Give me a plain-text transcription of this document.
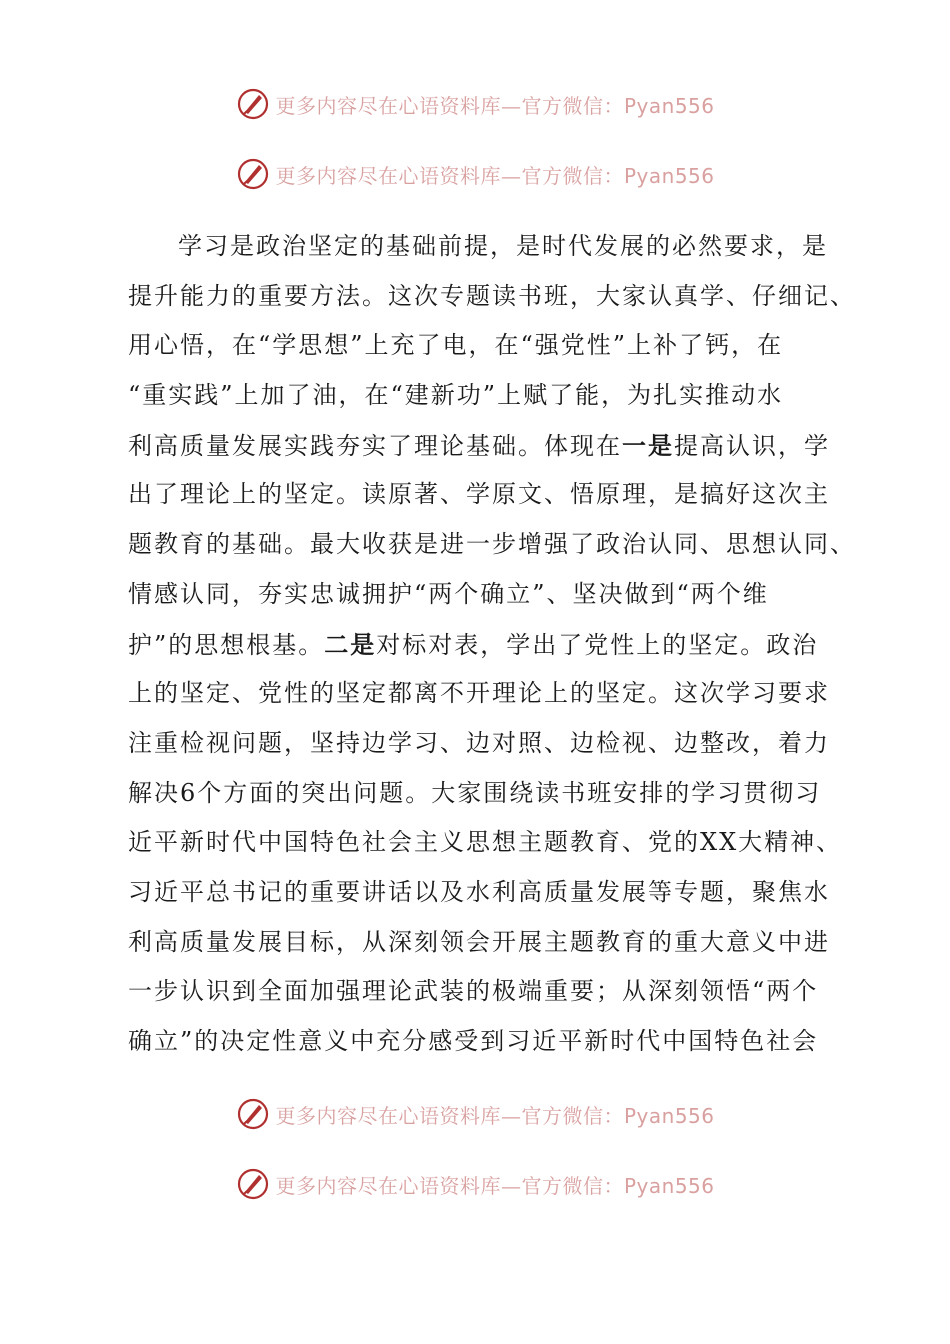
更多内容尽在心语资料库—官方微信：Pyan556
更多内容尽在心语资料库—官方微信：Pyan556
学习是政治坚定的基础前提，是时代发展的必然要求，是
提升能力的重要方法。这次专题读书班，大家认真学、仔细记、
用心悟，在“学思想”上充了电，在“强党性”上补了钙，在
“重实践”上加了油，在“建新功”上赋了能，为扎实推动水
利高质量发展实践夯实了理论基础。体现在一是提高认识，学
出了理论上的坚定。读原著、学原文、悟原理，是搞好这次主
题教育的基础。最大收获是进一步增强了政治认同、思想认同、
情感认同，夯实忠诚拥护“两个确立”、坚决做到“两个维
护”的思想根基。二是对标对表，学出了党性上的坚定。政治
上的坚定、党性的坚定都离不开理论上的坚定。这次学习要求
注重检视问题，坚持边学习、边对照、边检视、边整改，着力
解决6个方面的突出问题。大家围绕读书班安排的学习贯彻习
近平新时代中国特色社会主义思想主题教育、党的XX大精神、
习近平总书记的重要讲话以及水利高质量发展等专题，聚焦水
利高质量发展目标，从深刻领会开展主题教育的重大意义中进
一步认识到全面加强理论武装的极端重要；从深刻领悟“两个
确立”的决定性意义中充分感受到习近平新时代中国特色社会
更多内容尽在心语资料库—官方微信：Pyan556
更多内容尽在心语资料库—官方微信：Pyan556
